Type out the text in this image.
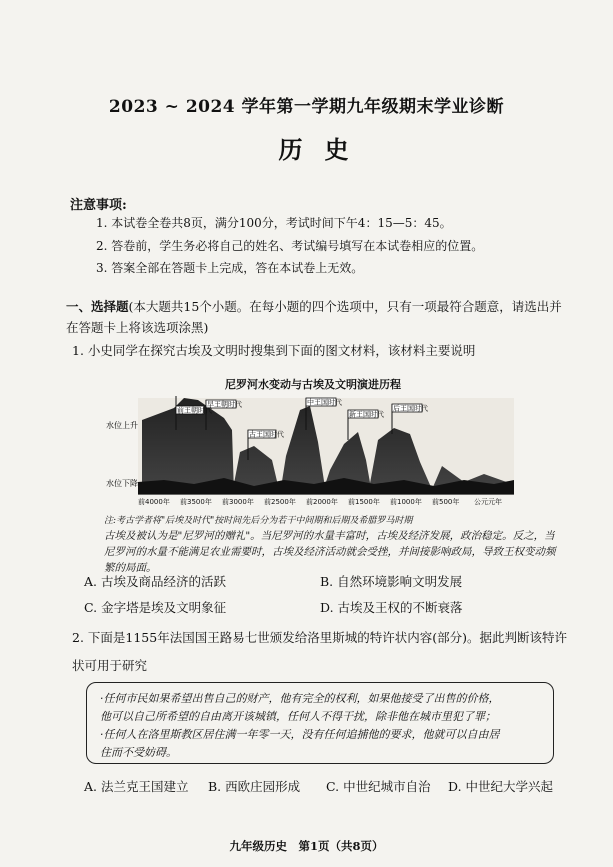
2023 ~ 2024 学年第一学期九年级期末学业诊断
历史
注意事项:
1. 本试卷全卷共8页，满分100分，考试时间下午4：15—5：45。
2. 答卷前，学生务必将自己的姓名、考试编号填写在本试卷相应的位置。
3. 答案全部在答题卡上完成，答在本试卷上无效。
一、选择题(本大题共15个小题。在每小题的四个选项中，只有一项最符合题意，请选出并在答题卡上将该选项涂黑)
1. 小史同学在探究古埃及文明时搜集到下面的图文材料，该材料主要说明
尼罗河水变动与古埃及文明演进历程
前王朝时代
早王朝时代
古王国时代
中王国时代
新王国时代
后王国时代
水位上升
水位下降
前4000年 前3500年 前3000年 前2500年 前2000年 前1500年 前1000年 前500年 公元元年
注:考古学者将"后埃及时代"按时间先后分为若干中间期和后期及希腊罗马时期
古埃及被认为是"尼罗河的赠礼"。当尼罗河的水量丰富时，古埃及经济发展，政治稳定。反之，当尼罗河的水量不能满足农业需要时，古埃及经济活动就会受挫，并间接影响政局，导致王权变动频繁的局面。
A. 古埃及商品经济的活跃	B. 自然环境影响文明发展
C. 金字塔是埃及文明象征	D. 古埃及王权的不断衰落
2. 下面是1155年法国国王路易七世颁发给洛里斯城的特许状内容(部分)。据此判断该特许状可用于研究
·任何市民如果希望出售自己的财产，他有完全的权利，如果他接受了出售的价格，
他可以自己所希望的自由离开该城镇，任何人不得干扰，除非他在城市里犯了罪；
·任何人在洛里斯教区居住满一年零一天，没有任何追捕他的要求，他就可以自由居
住而不受妨碍。
A. 法兰克王国建立 B. 西欧庄园形成 C. 中世纪城市自治 D. 中世纪大学兴起
九年级历史　第1页（共8页）
